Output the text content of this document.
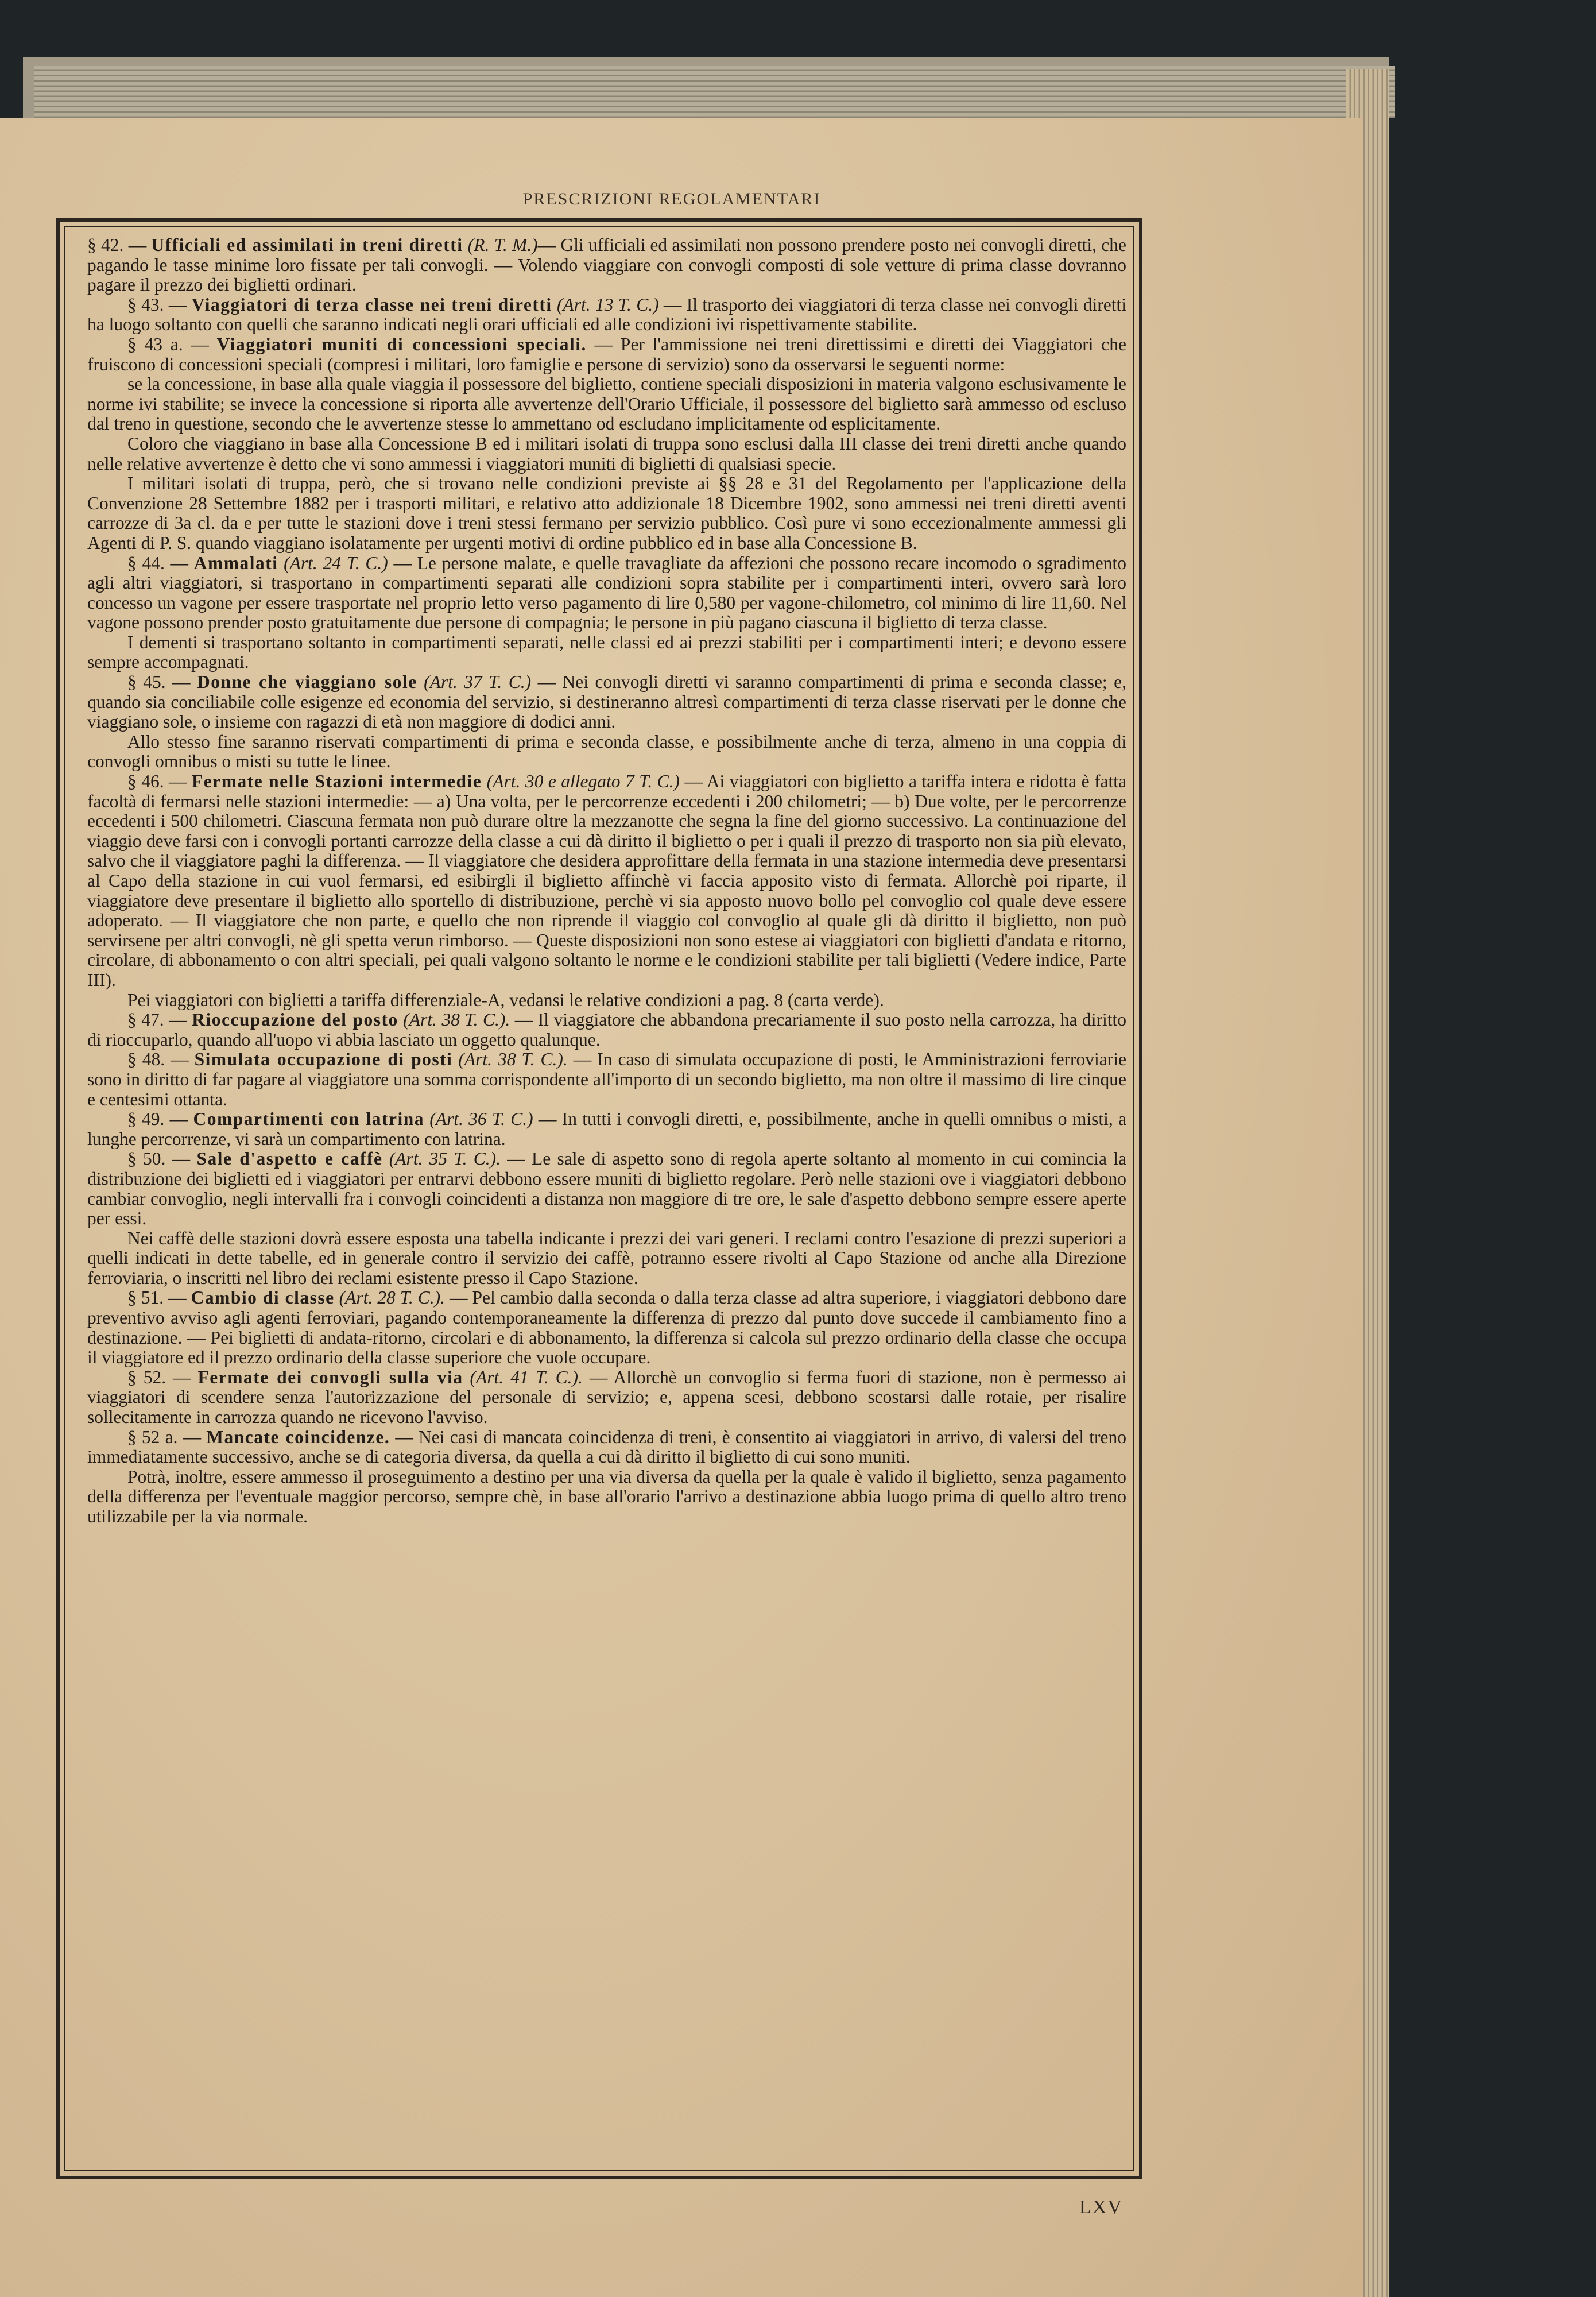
PRESCRIZIONI REGOLAMENTARI

§ 42. — Ufficiali ed assimilati in treni diretti (R. T. M.)— Gli ufficiali ed assimilati non possono prendere posto nei convogli diretti, che pagando le tasse minime loro fissate per tali convogli. — Volendo viaggiare con convogli composti di sole vetture di prima classe dovranno pagare il prezzo dei biglietti ordinari.

§ 43. — Viaggiatori di terza classe nei treni diretti (Art. 13 T. C.) — Il trasporto dei viaggiatori di terza classe nei convogli diretti ha luogo soltanto con quelli che saranno indicati negli orari ufficiali ed alle condizioni ivi rispettivamente stabilite.

§ 43 a. — Viaggiatori muniti di concessioni speciali. — Per l'ammissione nei treni direttissimi e diretti dei Viaggiatori che fruiscono di concessioni speciali (compresi i militari, loro famiglie e persone di servizio) sono da osservarsi le seguenti norme:

se la concessione, in base alla quale viaggia il possessore del biglietto, contiene speciali disposizioni in materia valgono esclusivamente le norme ivi stabilite; se invece la concessione si riporta alle avvertenze dell'Orario Ufficiale, il possessore del biglietto sarà ammesso od escluso dal treno in questione, secondo che le avvertenze stesse lo ammettano od escludano implicitamente od esplicitamente.

Coloro che viaggiano in base alla Concessione B ed i militari isolati di truppa sono esclusi dalla III classe dei treni diretti anche quando nelle relative avvertenze è detto che vi sono ammessi i viaggiatori muniti di biglietti di qualsiasi specie.

I militari isolati di truppa, però, che si trovano nelle condizioni previste ai §§ 28 e 31 del Regolamento per l'applicazione della Convenzione 28 Settembre 1882 per i trasporti militari, e relativo atto addizionale 18 Dicembre 1902, sono ammessi nei treni diretti aventi carrozze di 3a cl. da e per tutte le stazioni dove i treni stessi fermano per servizio pubblico. Così pure vi sono eccezionalmente ammessi gli Agenti di P. S. quando viaggiano isolatamente per urgenti motivi di ordine pubblico ed in base alla Concessione B.

§ 44. — Ammalati (Art. 24 T. C.) — Le persone malate, e quelle travagliate da affezioni che possono recare incomodo o sgradimento agli altri viaggiatori, si trasportano in compartimenti separati alle condizioni sopra stabilite per i compartimenti interi, ovvero sarà loro concesso un vagone per essere trasportate nel proprio letto verso pagamento di lire 0,580 per vagone-chilometro, col minimo di lire 11,60. Nel vagone possono prender posto gratuitamente due persone di compagnia; le persone in più pagano ciascuna il biglietto di terza classe.

I dementi si trasportano soltanto in compartimenti separati, nelle classi ed ai prezzi stabiliti per i compartimenti interi; e devono essere sempre accompagnati.

§ 45. — Donne che viaggiano sole (Art. 37 T. C.) — Nei convogli diretti vi saranno compartimenti di prima e seconda classe; e, quando sia conciliabile colle esigenze ed economia del servizio, si destineranno altresì compartimenti di terza classe riservati per le donne che viaggiano sole, o insieme con ragazzi di età non maggiore di dodici anni.

Allo stesso fine saranno riservati compartimenti di prima e seconda classe, e possibilmente anche di terza, almeno in una coppia di convogli omnibus o misti su tutte le linee.

§ 46. — Fermate nelle Stazioni intermedie (Art. 30 e allegato 7 T. C.) — Ai viaggiatori con biglietto a tariffa intera e ridotta è fatta facoltà di fermarsi nelle stazioni intermedie: — a) Una volta, per le percorrenze eccedenti i 200 chilometri; — b) Due volte, per le percorrenze eccedenti i 500 chilometri. Ciascuna fermata non può durare oltre la mezzanotte che segna la fine del giorno successivo. La continuazione del viaggio deve farsi con i convogli portanti carrozze della classe a cui dà diritto il biglietto o per i quali il prezzo di trasporto non sia più elevato, salvo che il viaggiatore paghi la differenza. — Il viaggiatore che desidera approfittare della fermata in una stazione intermedia deve presentarsi al Capo della stazione in cui vuol fermarsi, ed esibirgli il biglietto affinchè vi faccia apposito visto di fermata. Allorchè poi riparte, il viaggiatore deve presentare il biglietto allo sportello di distribuzione, perchè vi sia apposto nuovo bollo pel convoglio col quale deve essere adoperato. — Il viaggiatore che non parte, e quello che non riprende il viaggio col convoglio al quale gli dà diritto il biglietto, non può servirsene per altri convogli, nè gli spetta verun rimborso. — Queste disposizioni non sono estese ai viaggiatori con biglietti d'andata e ritorno, circolare, di abbonamento o con altri speciali, pei quali valgono soltanto le norme e le condizioni stabilite per tali biglietti (Vedere indice, Parte III).

Pei viaggiatori con biglietti a tariffa differenziale-A, vedansi le relative condizioni a pag. 8 (carta verde).

§ 47. — Rioccupazione del posto (Art. 38 T. C.). — Il viaggiatore che abbandona precariamente il suo posto nella carrozza, ha diritto di rioccuparlo, quando all'uopo vi abbia lasciato un oggetto qualunque.

§ 48. — Simulata occupazione di posti (Art. 38 T. C.). — In caso di simulata occupazione di posti, le Amministrazioni ferroviarie sono in diritto di far pagare al viaggiatore una somma corrispondente all'importo di un secondo biglietto, ma non oltre il massimo di lire cinque e centesimi ottanta.

§ 49. — Compartimenti con latrina (Art. 36 T. C.) — In tutti i convogli diretti, e, possibilmente, anche in quelli omnibus o misti, a lunghe percorrenze, vi sarà un compartimento con latrina.

§ 50. — Sale d'aspetto e caffè (Art. 35 T. C.). — Le sale di aspetto sono di regola aperte soltanto al momento in cui comincia la distribuzione dei biglietti ed i viaggiatori per entrarvi debbono essere muniti di biglietto regolare. Però nelle stazioni ove i viaggiatori debbono cambiar convoglio, negli intervalli fra i convogli coincidenti a distanza non maggiore di tre ore, le sale d'aspetto debbono sempre essere aperte per essi.

Nei caffè delle stazioni dovrà essere esposta una tabella indicante i prezzi dei vari generi. I reclami contro l'esazione di prezzi superiori a quelli indicati in dette tabelle, ed in generale contro il servizio dei caffè, potranno essere rivolti al Capo Stazione od anche alla Direzione ferroviaria, o inscritti nel libro dei reclami esistente presso il Capo Stazione.

§ 51. — Cambio di classe (Art. 28 T. C.). — Pel cambio dalla seconda o dalla terza classe ad altra superiore, i viaggiatori debbono dare preventivo avviso agli agenti ferroviari, pagando contemporaneamente la differenza di prezzo dal punto dove succede il cambiamento fino a destinazione. — Pei biglietti di andata-ritorno, circolari e di abbonamento, la differenza si calcola sul prezzo ordinario della classe che occupa il viaggiatore ed il prezzo ordinario della classe superiore che vuole occupare.

§ 52. — Fermate dei convogli sulla via (Art. 41 T. C.). — Allorchè un convoglio si ferma fuori di stazione, non è permesso ai viaggiatori di scendere senza l'autorizzazione del personale di servizio; e, appena scesi, debbono scostarsi dalle rotaie, per risalire sollecitamente in carrozza quando ne ricevono l'avviso.

§ 52 a. — Mancate coincidenze. — Nei casi di mancata coincidenza di treni, è consentito ai viaggiatori in arrivo, di valersi del treno immediatamente successivo, anche se di categoria diversa, da quella a cui dà diritto il biglietto di cui sono muniti.

Potrà, inoltre, essere ammesso il proseguimento a destino per una via diversa da quella per la quale è valido il biglietto, senza pagamento della differenza per l'eventuale maggior percorso, sempre chè, in base all'orario l'arrivo a destinazione abbia luogo prima di quello altro treno utilizzabile per la via normale.

LXV
